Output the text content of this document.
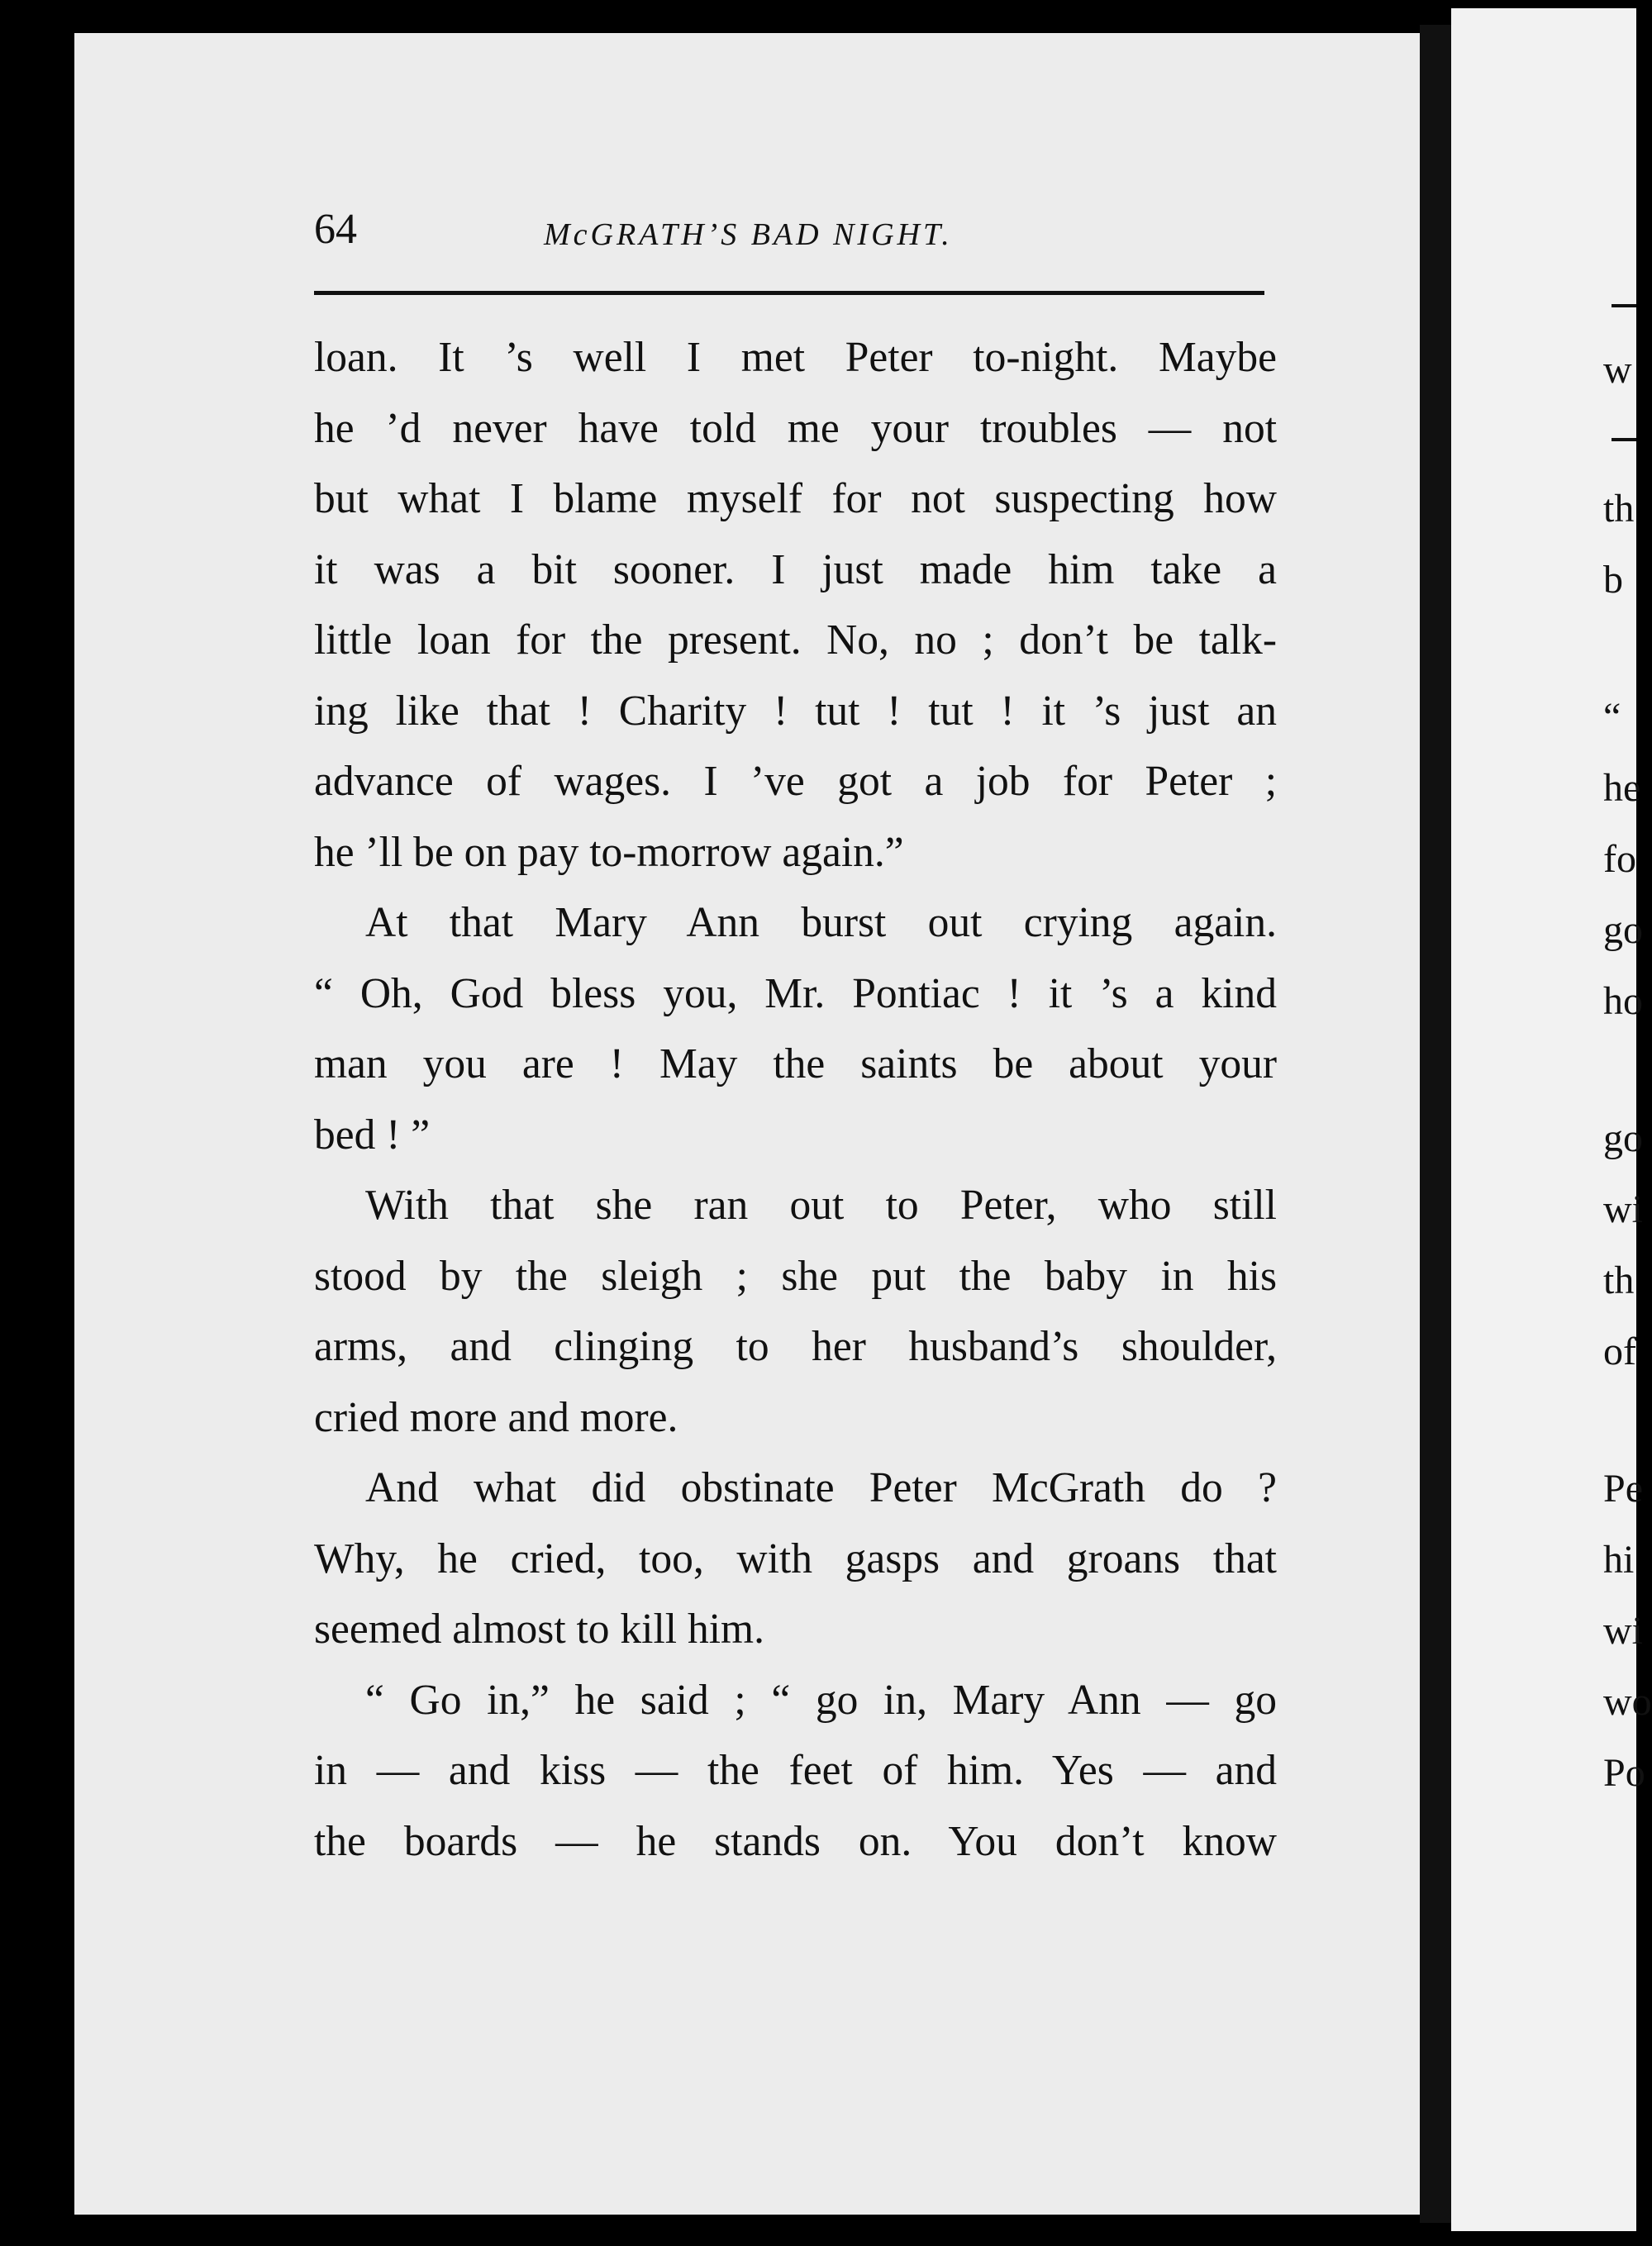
64	McGRATH’S BAD NIGHT.
loan. It ’s well I met Peter to-night. Maybe
he ’d never have told me your troubles — not
but what I blame myself for not suspecting how
it was a bit sooner. I just made him take a
little loan for the present. No, no ; don’t be talk-
ing like that ! Charity ! tut ! tut ! it ’s just an
advance of wages. I ’ve got a job for Peter ;
he ’ll be on pay to-morrow again.”
At that Mary Ann burst out crying again.
“ Oh, God bless you, Mr. Pontiac ! it ’s a kind
man you are ! May the saints be about your
bed ! ”
With that she ran out to Peter, who still
stood by the sleigh ; she put the baby in his
arms, and clinging to her husband’s shoulder,
cried more and more.
And what did obstinate Peter McGrath do ?
Why, he cried, too, with gasps and groans that
seemed almost to kill him.
“ Go in,” he said ; “ go in, Mary Ann — go
in — and kiss — the feet of him. Yes — and
the boards — he stands on. You don’t know
w
th
b
“
he
fo
go
ho
go
wi
th
of
Pe
hi
wi
wo
Po
